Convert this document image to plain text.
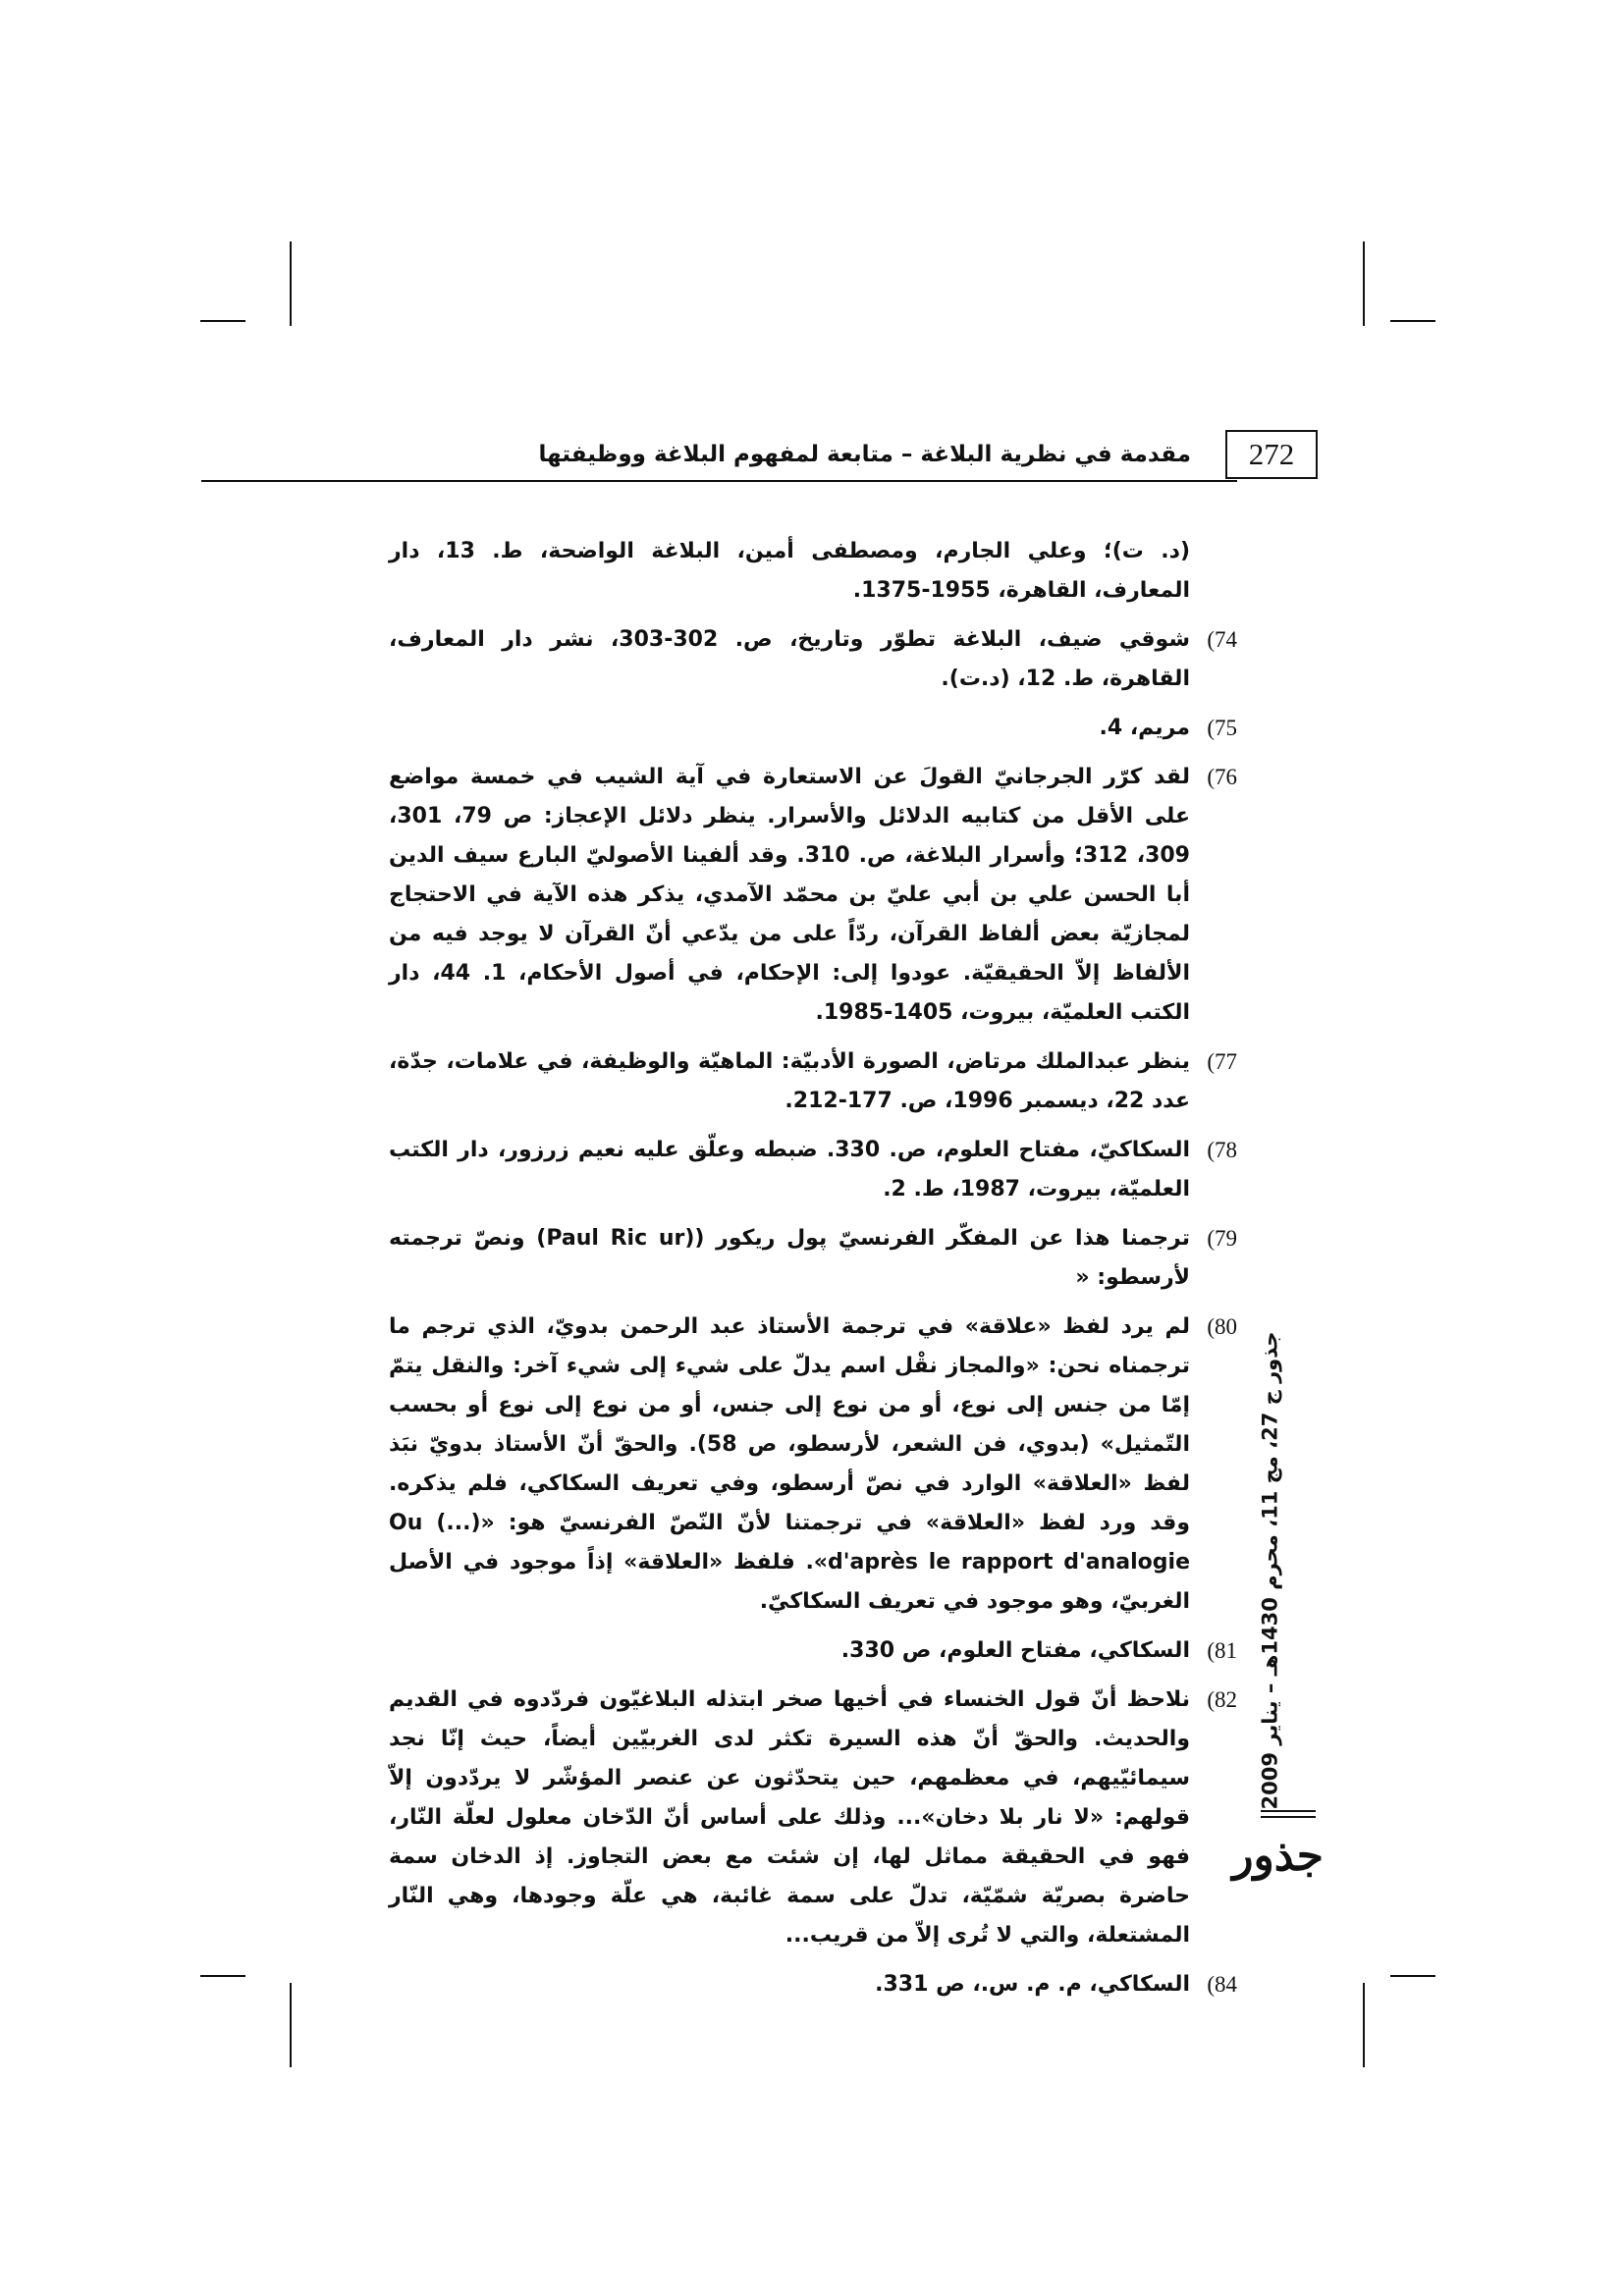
272
مقدمة في نظرية البلاغة – متابعة لمفهوم البلاغة ووظيفتها
(د. ت)؛ وعلي الجارم، ومصطفى أمين، البلاغة الواضحة، ط. 13، دار المعارف، القاهرة، 1955-1375.
74)
شوقي ضيف، البلاغة تطوّر وتاريخ، ص. 302-303، نشر دار المعارف، القاهرة، ط. 12، (د.ت).
75)
مريم، 4.
76)
لقد كرّر الجرجانيّ القولَ عن الاستعارة في آية الشيب في خمسة مواضع على الأقل من كتابيه الدلائل والأسرار. ينظر دلائل الإعجاز: ص 79، 301، 309، 312؛ وأسرار البلاغة، ص. 310. وقد ألفينا الأصوليّ البارع سيف الدين أبا الحسن علي بن أبي عليّ بن محمّد الآمدي، يذكر هذه الآية في الاحتجاج لمجازيّة بعض ألفاظ القرآن، ردّاً على من يدّعي أنّ القرآن لا يوجد فيه من الألفاظ إلاّ الحقيقيّة. عودوا إلى: الإحكام، في أصول الأحكام، 1. 44، دار الكتب العلميّة، بيروت، 1405-1985.
77)
ينظر عبدالملك مرتاض، الصورة الأدبيّة: الماهيّة والوظيفة، في علامات، جدّة، عدد 22، ديسمبر 1996، ص. 177-212.
78)
السكاكيّ، مفتاح العلوم، ص. 330. ضبطه وعلّق عليه نعيم زرزور، دار الكتب العلميّة، بيروت، 1987، ط. 2.
79)
ترجمنا هذا عن المفكّر الفرنسيّ پول ريكور ((Paul Ric ur) ونصّ ترجمته لأرسطو: «
80)
لم يرد لفظ «علاقة» في ترجمة الأستاذ عبد الرحمن بدويّ، الذي ترجم ما ترجمناه نحن: «والمجاز نقْل اسم يدلّ على شيء إلى شيء آخر: والنقل يتمّ إمّا من جنس إلى نوع، أو من نوع إلى جنس، أو من نوع إلى نوع أو بحسب التّمثيل» (بدوي، فن الشعر، لأرسطو، ص 58). والحقّ أنّ الأستاذ بدويّ نبَذ لفظ «العلاقة» الوارد في نصّ أرسطو، وفي تعريف السكاكي، فلم يذكره. وقد ورد لفظ «العلاقة» في ترجمتنا لأنّ النّصّ الفرنسيّ هو: «(...) Ou d'après le rapport d'analogie». فلفظ «العلاقة» إذاً موجود في الأصل الغربيّ، وهو موجود في تعريف السكاكيّ.
81)
السكاكي، مفتاح العلوم، ص 330.
82)
نلاحظ أنّ قول الخنساء في أخيها صخر ابتذله البلاغيّون فردّدوه في القديم والحديث. والحقّ أنّ هذه السيرة تكثر لدى الغربيّين أيضاً، حيث إنّا نجد سيمائيّيهم، في معظمهم، حين يتحدّثون عن عنصر المؤشّر لا يردّدون إلاّ قولهم: «لا نار بلا دخان»... وذلك على أساس أنّ الدّخان معلول لعلّة النّار، فهو في الحقيقة مماثل لها، إن شئت مع بعض التجاوز. إذ الدخان سمة حاضرة بصريّة شمّيّة، تدلّ على سمة غائبة، هي علّة وجودها، وهي النّار المشتعلة، والتي لا تُرى إلاّ من قريب...
84)
السكاكي، م. م. س.، ص 331.
جذور ج 27، مج 11، محرم 1430هـ – يناير 2009
جذور
